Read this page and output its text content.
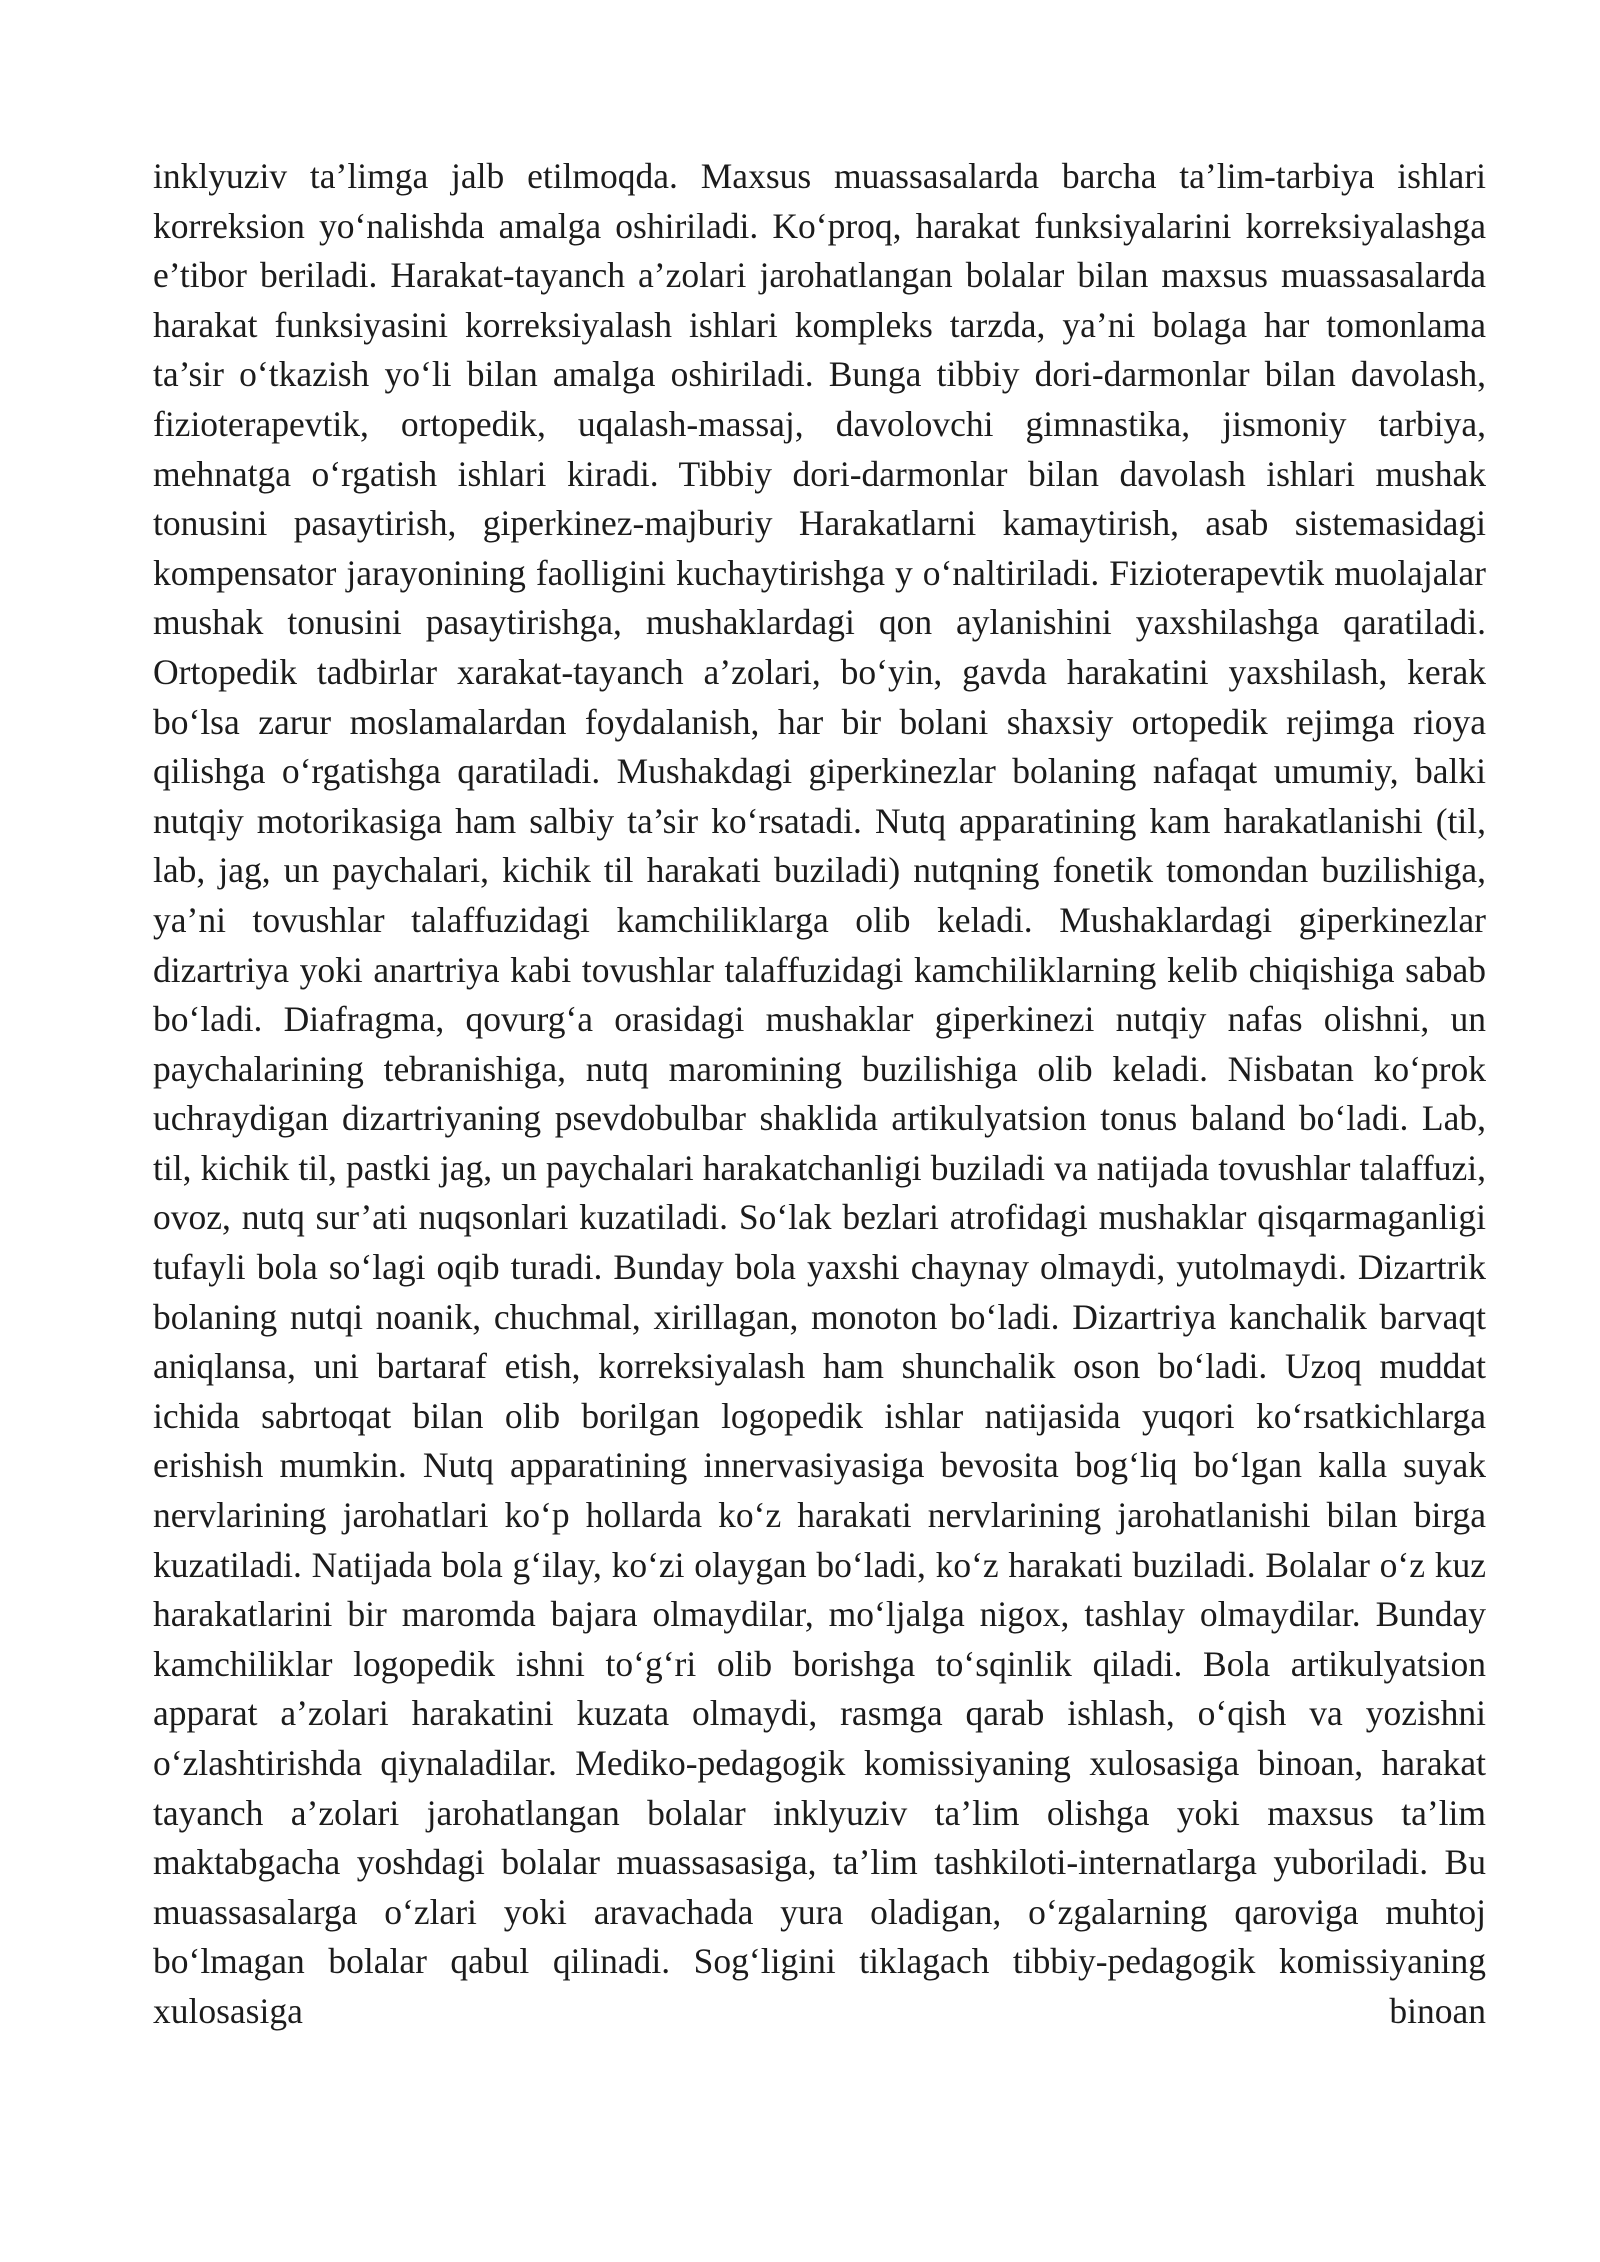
inklyuziv ta’limga jalb etilmoqda. Maxsus muassasalarda barcha ta’lim-tarbiya ishlari korreksion yo‘nalishda amalga oshiriladi. Ko‘proq, harakat funksiyalarini korreksiyalashga e’tibor beriladi. Harakat-tayanch a’zolari jarohatlangan bolalar bilan maxsus muassasalarda harakat funksiyasini korreksiyalash ishlari kompleks tarzda, ya’ni bolaga har tomonlama ta’sir o‘tkazish yo‘li bilan amalga oshiriladi. Bunga tibbiy dori-darmonlar bilan davolash, fizioterapevtik, ortopedik, uqalash-massaj, davolovchi gimnastika, jismoniy tarbiya, mehnatga o‘rgatish ishlari kiradi. Tibbiy dori-darmonlar bilan davolash ishlari mushak tonusini pasaytirish, giperkinez-majburiy Harakatlarni kamaytirish, asab sistemasidagi kompensator jarayonining faolligini kuchaytirishga y o‘naltiriladi. Fizioterapevtik muolajalar mushak tonusini pasaytirishga, mushaklardagi qon aylanishini yaxshilashga qaratiladi. Ortopedik tadbirlar xarakat-tayanch a’zolari, bo‘yin, gavda harakatini yaxshilash, kerak bo‘lsa zarur moslamalardan foydalanish, har bir bolani shaxsiy ortopedik rejimga rioya qilishga o‘rgatishga qaratiladi. Mushakdagi giperkinezlar bolaning nafaqat umumiy, balki nutqiy motorikasiga ham salbiy ta’sir ko‘rsatadi. Nutq apparatining kam harakatlanishi (til, lab, jag, un paychalari, kichik til harakati buziladi) nutqning fonetik tomondan buzilishiga, ya’ni tovushlar talaffuzidagi kamchiliklarga olib keladi. Mushaklardagi giperkinezlar dizartriya yoki anartriya kabi tovushlar talaffuzidagi kamchiliklarning kelib chiqishiga sabab bo‘ladi. Diafragma, qovurg‘a orasidagi mushaklar giperkinezi nutqiy nafas olishni, un paychalarining tebranishiga, nutq maromining buzilishiga olib keladi. Nisbatan ko‘prok uchraydigan dizartriyaning psevdobulbar shaklida artikulyatsion tonus baland bo‘ladi. Lab, til, kichik til, pastki jag, un paychalari harakatchanligi buziladi va natijada tovushlar talaffuzi, ovoz, nutq sur’ati nuqsonlari kuzatiladi. So‘lak bezlari atrofidagi mushaklar qisqarmaganligi tufayli bola so‘lagi oqib turadi. Bunday bola yaxshi chaynay olmaydi, yutolmaydi. Dizartrik bolaning nutqi noanik, chuchmal, xirillagan, monoton bo‘ladi. Dizartriya kanchalik barvaqt aniqlansa, uni bartaraf etish, korreksiyalash ham shunchalik oson bo‘ladi. Uzoq muddat ichida sabrtoqat bilan olib borilgan logopedik ishlar natijasida yuqori ko‘rsatkichlarga erishish mumkin. Nutq apparatining innervasiyasiga bevosita bog‘liq bo‘lgan kalla suyak nervlarining jarohatlari ko‘p hollarda ko‘z harakati nervlarining jarohatlanishi bilan birga kuzatiladi. Natijada bola g‘ilay, ko‘zi olaygan bo‘ladi, ko‘z harakati buziladi. Bolalar o‘z kuz harakatlarini bir maromda bajara olmaydilar, mo‘ljalga nigox, tashlay olmaydilar. Bunday kamchiliklar logopedik ishni to‘g‘ri olib borishga to‘sqinlik qiladi. Bola artikulyatsion apparat a’zolari harakatini kuzata olmaydi, rasmga qarab ishlash, o‘qish va yozishni o‘zlashtirishda qiynaladilar. Mediko-pedagogik komissiyaning xulosasiga binoan, harakat tayanch a’zolari jarohatlangan bolalar inklyuziv ta’lim olishga yoki maxsus ta’lim maktabgacha yoshdagi bolalar muassasasiga, ta’lim tashkiloti-internatlarga yuboriladi. Bu muassasalarga o‘zlari yoki aravachada yura oladigan, o‘zgalarning qaroviga muhtoj bo‘lmagan bolalar qabul qilinadi. Sog‘ligini tiklagach tibbiy-pedagogik komissiyaning xulosasiga binoan
